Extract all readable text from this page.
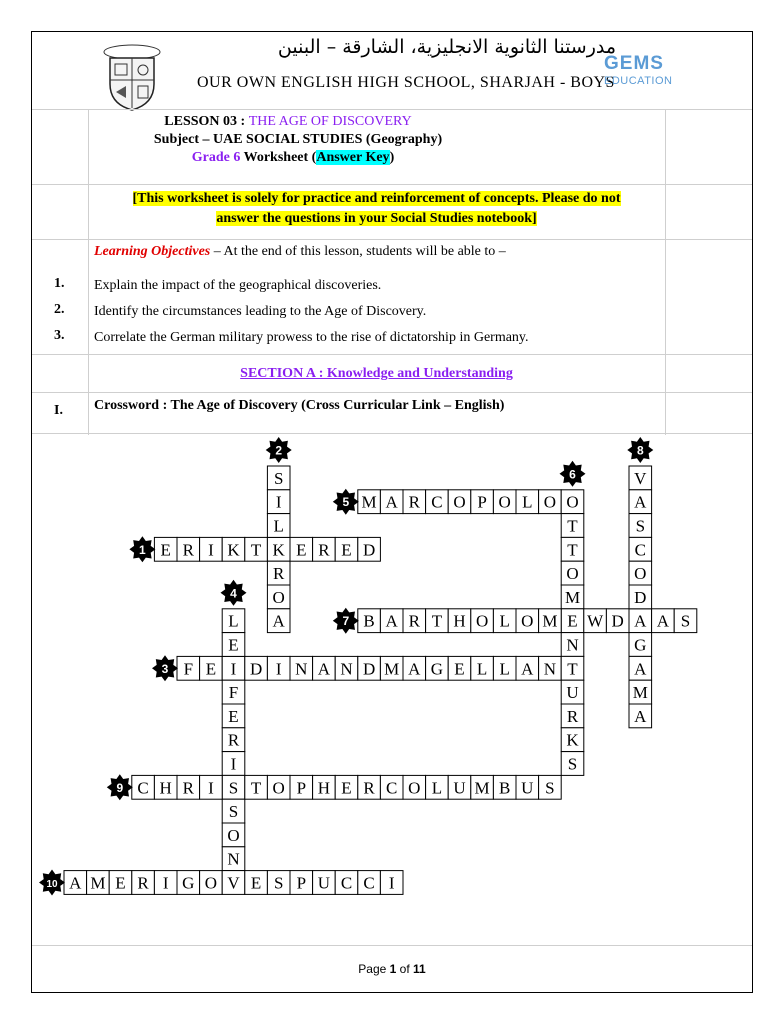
مدرستنا الثانوية الانجليزية، الشارقة – البنين
OUR OWN ENGLISH HIGH SCHOOL, SHARJAH - BOYS
GEMS
EDUCATION
LESSON 03 : THE AGE OF DISCOVERY
Subject – UAE SOCIAL STUDIES (Geography)
Grade 6 Worksheet (Answer Key)
[This worksheet is solely for practice and reinforcement of concepts. Please do not
answer the questions in your Social Studies notebook]
Learning Objectives – At the end of this lesson, students will be able to –
1. Explain the impact of the geographical discoveries.
2. Identify the circumstances leading to the Age of Discovery.
3. Correlate the German military prowess to the rise of dictatorship in Germany.
SECTION A : Knowledge and Understanding
I. Crossword : The Age of Discovery (Cross Curricular Link – English)
Page 1 of 11
E R I K T K E R E D
S
I
L
R
O
A
F E I D I N A N D M A G E L L A N
L
E
F
E
R
I
S
S
O
N
M A R C O P O L O O
T
T
O
M
E
N
T
U
R
K
S
B A R T H O L O M W D A A S
V
A
S
C
O
D
G
A
M
A
C H R I T O P H E R C O L U M B U S
A M E R I G O V E S P U C C I
1
2
3
4
5
6
7
8
9
10
